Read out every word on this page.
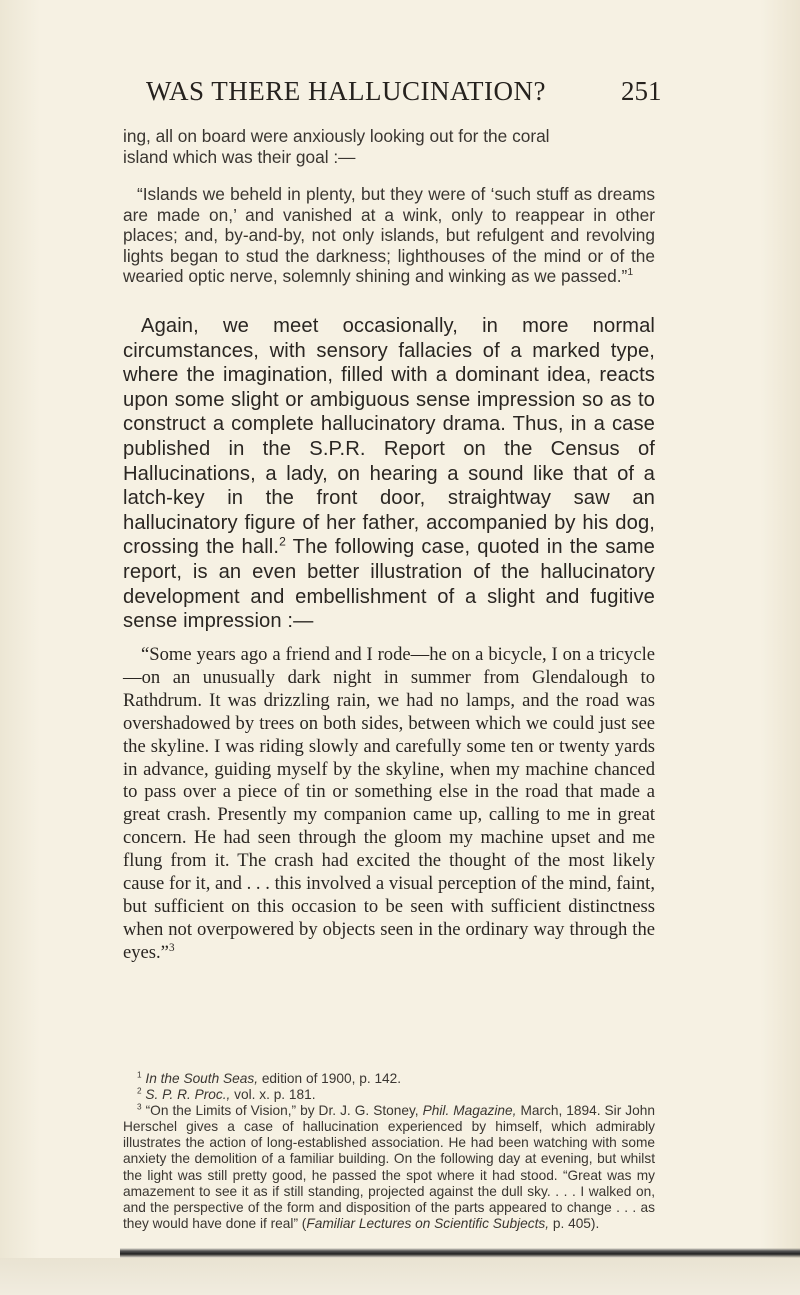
WAS THERE HALLUCINATION?	251
ing, all on board were anxiously looking out for the coral
island which was their goal :—
“Islands we beheld in plenty, but they were of ‘such stuff as dreams are made on,’ and vanished at a wink, only to reappear in other places; and, by-and-by, not only islands, but refulgent and revolving lights began to stud the darkness; lighthouses of the mind or of the wearied optic nerve, solemnly shining and winking as we passed.”$^1$
Again, we meet occasionally, in more normal circumstances, with sensory fallacies of a marked type, where the imagination, filled with a dominant idea, reacts upon some slight or ambiguous sense impression so as to construct a complete hallucinatory drama. Thus, in a case published in the S.P.R. Report on the Census of Hallucinations, a lady, on hearing a sound like that of a latch-key in the front door, straightway saw an hallucinatory figure of her father, accompanied by his dog, crossing the hall.$^2$ The following case, quoted in the same report, is an even better illustration of the hallucinatory development and embellishment of a slight and fugitive sense impression :—
“Some years ago a friend and I rode—he on a bicycle, I on a tricycle—on an unusually dark night in summer from Glendalough to Rathdrum. It was drizzling rain, we had no lamps, and the road was overshadowed by trees on both sides, between which we could just see the skyline. I was riding slowly and carefully some ten or twenty yards in advance, guiding myself by the skyline, when my machine chanced to pass over a piece of tin or something else in the road that made a great crash. Presently my companion came up, calling to me in great concern. He had seen through the gloom my machine upset and me flung from it. The crash had excited the thought of the most likely cause for it, and . . . this involved a visual perception of the mind, faint, but sufficient on this occasion to be seen with sufficient distinctness when not overpowered by objects seen in the ordinary way through the eyes.”$^3$

$^1$ In the South Seas, edition of 1900, p. 142.

$^2$ S. P. R. Proc., vol. x. p. 181.

$^3$ “On the Limits of Vision,” by Dr. J. G. Stoney, Phil. Magazine, March, 1894. Sir John Herschel gives a case of hallucination experienced by himself, which admirably illustrates the action of long-established association. He had been watching with some anxiety the demolition of a familiar building. On the following day at evening, but whilst the light was still pretty good, he passed the spot where it had stood. “Great was my amazement to see it as if still standing, projected against the dull sky. . . . I walked on, and the perspective of the form and disposition of the parts appeared to change . . . as they would have done if real” (Familiar Lectures on Scientific Subjects, p. 405).
